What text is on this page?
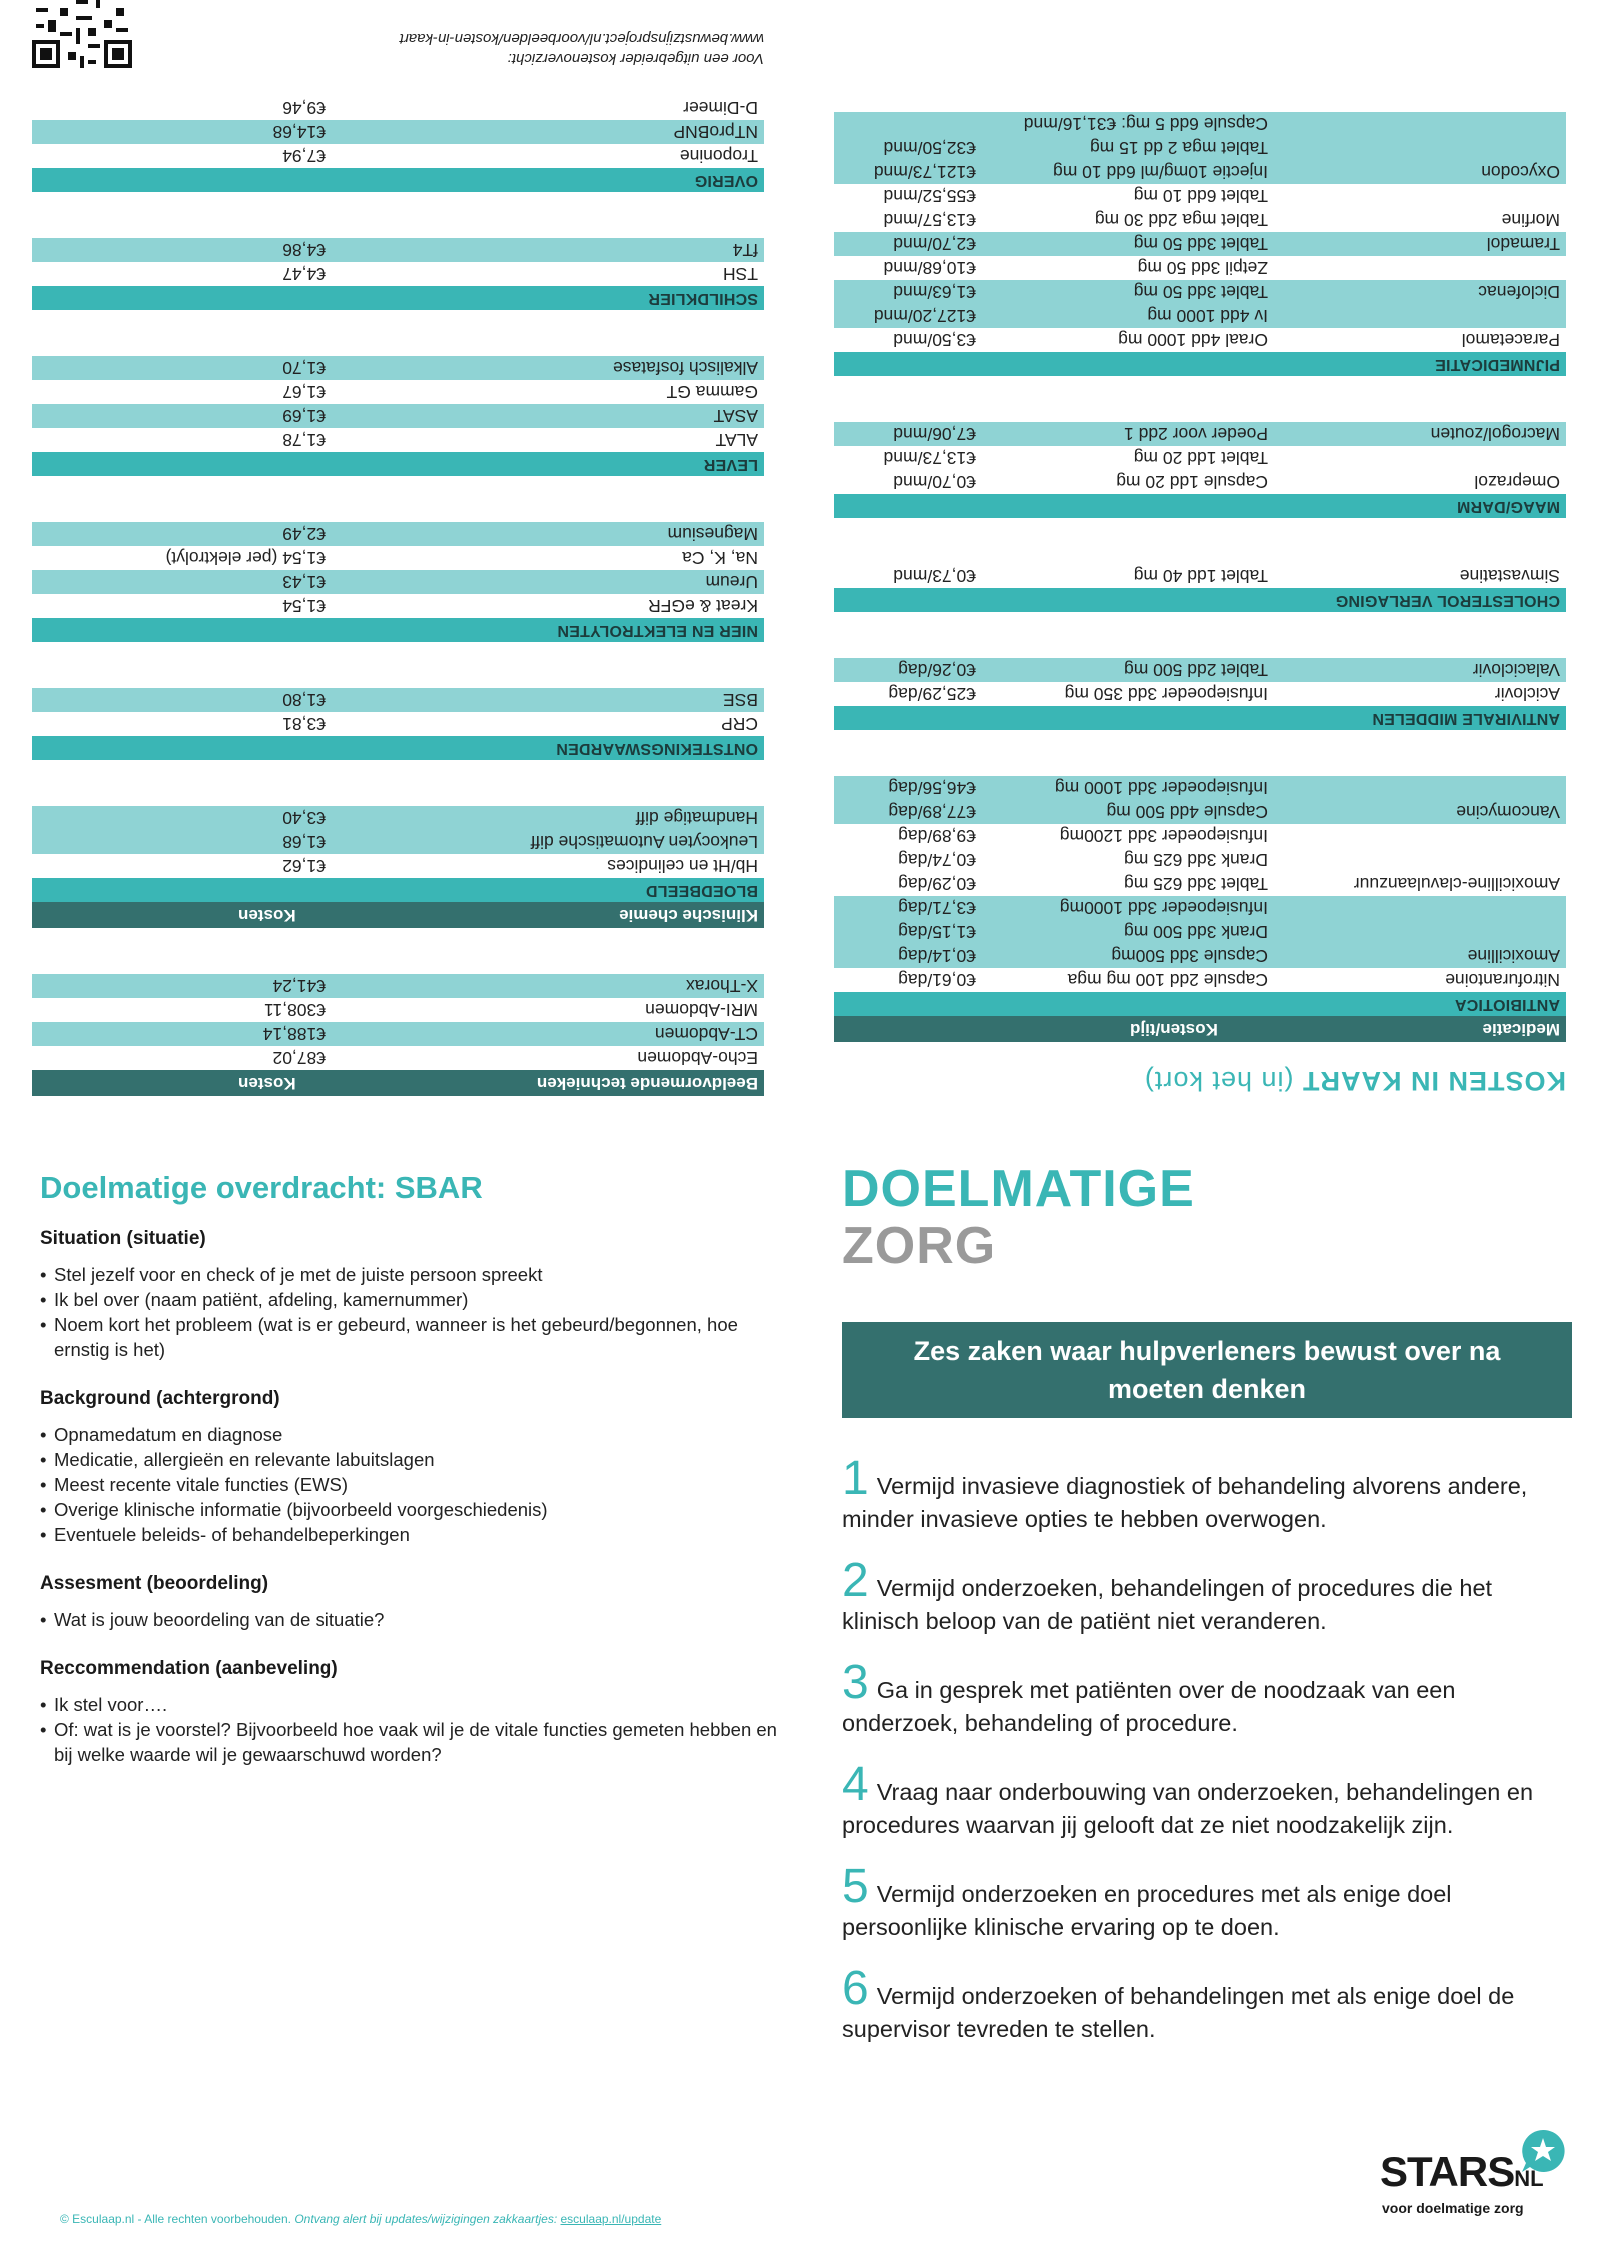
KOSTEN IN KAART (in het kort)
Medicatie
Kosten/tijd
ANTIBIOTICA
Nitrofurantoine
Capsule 2dd 100 mg mga
€0,61/dag
Amoxicilline
Capsule 3dd 500mg
€0,14/dag
Drank 3dd 500 mg
€1,15/dag
Infusiepoeder 3dd 1000mg
€3,71/dag
Amoxicilline-clavulaanzuur
Tablet 3dd 625 mg
€0,29/dag
Drank 3dd 625 mg
€0,74/dag
Infusiepoeder 3dd 1200mg
€9,89/dag
Vancomycine
Capsule 4dd 500 mg
€77,89/dag
Infusiepoeder 3dd 1000 mg
€46,56/dag
ANTIVIRALE MIDDELEN
Aciclovir
Infusiepoeder 3dd 350 mg
€25,29/dag
Valaciclovir
Tablet 2dd 500 mg
€0,26/dag
CHOLESTEROL VERLAGING
Simvastatine
Tablet 1dd 40 mg
€0,73/mnd
MAAG/DARM
Omeprazol
Capsule 1dd 20 mg
€0,70/mnd
Tablet 1dd 20 mg
€13,73/mnd
Macrogol/zouten
Poeder voor 2dd 1
€7,06/mnd
PIJNMEDICATIE
Paracetamol
Oraal 4dd 1000 mg
€3,50/mnd
Iv 4dd 1000 mg
€127,20/mnd
Diclofenac
Tablet 3dd 50 mg
€1,63/mnd
Zetpil 3dd 50 mg
€10,68/mnd
Tramadol
Tablet 3dd 50 mg
€2,70/mnd
Morfine
Tablet mga 2dd 30 mg
€13,57/mnd
Tablet 6dd 10 mg
€55,52/mnd
Oxycodon
Injectie 10mg/ml 6dd 10 mg
€121,73/mnd
Tablet mga 2 dd 15 mg
€32,50/mnd
Capsule 6dd 5 mg: €31,16/mnd
Beeldvormende technieken
Kosten
Echo-Abdomen
€87,02
CT-Abdomen
€188,14
MRI-Abdomen
€308,11
X-Thorax
€41,24
Klinische chemie
Kosten
BLOEDBEELD
Hb/Ht en celindices
€1,62
Leukocyten Automatische diff
€1,68
Handmatige diff
€3,40
ONTSTEKINGSWAARDEN
CRP
€3,81
BSE
€1,80
NIER EN ELEKTROLYTEN
Kreat & eGFR
€1,54
Ureum
€1,43
Na, K, Ca
€1,54 (per elektrolyt)
Magnesium
€2,49
LEVER
ALAT
€1,78
ASAT
€1,69
Gamma GT
€1,67
Alkalisch fosfatase
€1,70
SCHILDKLIER
TSH
€4,47
fT4
€4,86
OVERIG
Troponine
€7,94
NTproBNP
€14,68
D-Dimeer
€9,46
Voor een uitgebreider kostenoverzicht:
www.bewustzijnsproject.nl/voorbeelden/kosten-in-kaart
Doelmatige overdracht: SBAR
Situation (situatie)
• Stel jezelf voor en check of je met de juiste persoon spreekt
• Ik bel over (naam patiënt, afdeling, kamernummer)
• Noem kort het probleem (wat is er gebeurd, wanneer is het gebeurd/begonnen, hoe ernstig is het)
Background (achtergrond)
• Opnamedatum en diagnose
• Medicatie, allergieën en relevante labuitslagen
• Meest recente vitale functies (EWS)
• Overige klinische informatie (bijvoorbeeld voorgeschiedenis)
• Eventuele beleids- of behandelbeperkingen
Assesment (beoordeling)
• Wat is jouw beoordeling van de situatie?
Reccommendation (aanbeveling)
• Ik stel voor….
• Of: wat is je voorstel? Bijvoorbeeld hoe vaak wil je de vitale functies gemeten hebben en bij welke waarde wil je gewaarschuwd worden?
DOELMATIGE
ZORG
Zes zaken waar hulpverleners bewust over na moeten denken
1 Vermijd invasieve diagnostiek of behandeling alvorens andere, minder invasieve opties te hebben overwogen.
2 Vermijd onderzoeken, behandelingen of procedures die het klinisch beloop van de patiënt niet veranderen.
3 Ga in gesprek met patiënten over de noodzaak van een onderzoek, behandeling of procedure.
4 Vraag naar onderbouwing van onderzoeken, behandelingen en procedures waarvan jij gelooft dat ze niet noodzakelijk zijn.
5 Vermijd onderzoeken en procedures met als enige doel persoonlijke klinische ervaring op te doen.
6 Vermijd onderzoeken of behandelingen met als enige doel de supervisor tevreden te stellen.
© Esculaap.nl - Alle rechten voorbehouden. Ontvang alert bij updates/wijzigingen zakkaartjes: esculaap.nl/update
STARSNL
voor doelmatige zorg
